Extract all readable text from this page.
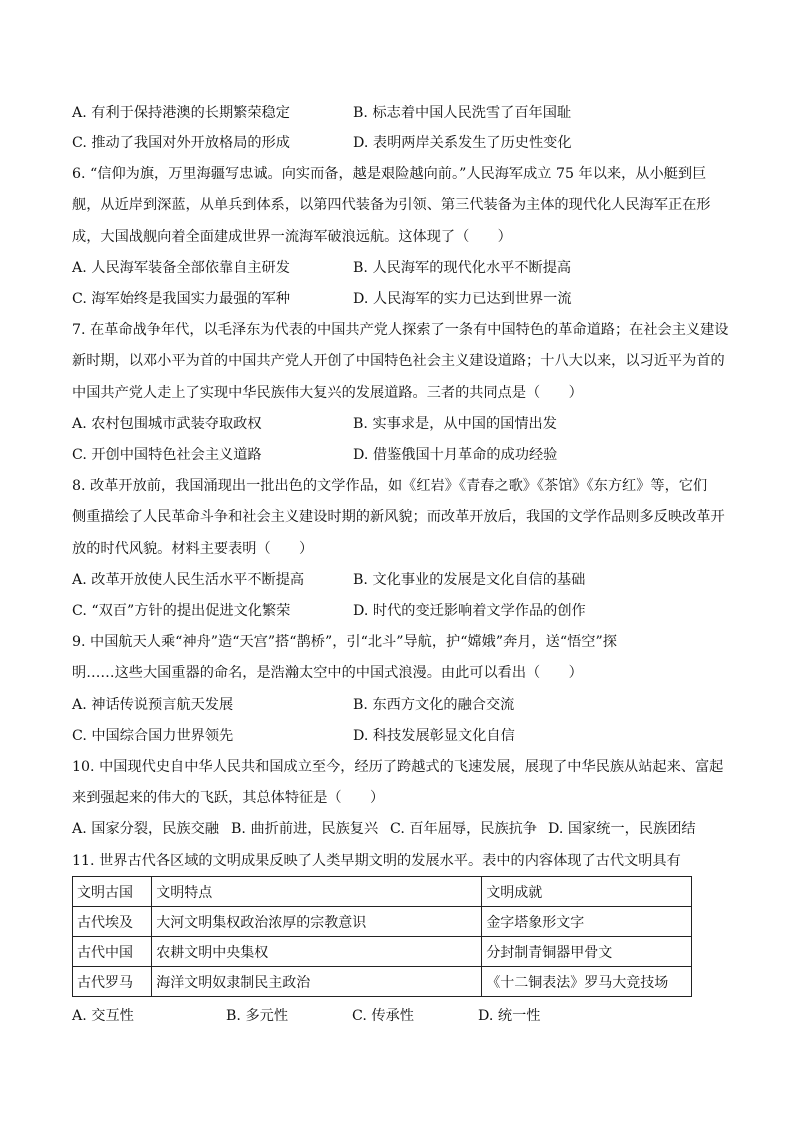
A. 有利于保持港澳的长期繁荣稳定	B. 标志着中国人民洗雪了百年国耻
C. 推动了我国对外开放格局的形成	D. 表明两岸关系发生了历史性变化
6. “信仰为旗，万里海疆写忠诚。向实而备，越是艰险越向前。”人民海军成立 75 年以来，从小艇到巨
舰，从近岸到深蓝，从单兵到体系，以第四代装备为引领、第三代装备为主体的现代化人民海军正在形
成，大国战舰向着全面建成世界一流海军破浪远航。这体现了（　　）
A. 人民海军装备全部依靠自主研发	B. 人民海军的现代化水平不断提高
C. 海军始终是我国实力最强的军种	D. 人民海军的实力已达到世界一流
7. 在革命战争年代，以毛泽东为代表的中国共产党人探索了一条有中国特色的革命道路；在社会主义建设
新时期，以邓小平为首的中国共产党人开创了中国特色社会主义建设道路；十八大以来，以习近平为首的
中国共产党人走上了实现中华民族伟大复兴的发展道路。三者的共同点是（　　）
A. 农村包围城市武装夺取政权	B. 实事求是，从中国的国情出发
C. 开创中国特色社会主义道路	D. 借鉴俄国十月革命的成功经验
8. 改革开放前，我国涌现出一批出色的文学作品，如《红岩》《青春之歌》《茶馆》《东方红》等，它们
侧重描绘了人民革命斗争和社会主义建设时期的新风貌；而改革开放后，我国的文学作品则多反映改革开
放的时代风貌。材料主要表明（　　）
A. 改革开放使人民生活水平不断提高	B. 文化事业的发展是文化自信的基础
C. “双百”方针的提出促进文化繁荣	D. 时代的变迁影响着文学作品的创作
9. 中国航天人乘“神舟”造“天宫”搭“鹊桥”，引“北斗”导航，护“嫦娥”奔月，送“悟空”探
明……这些大国重器的命名，是浩瀚太空中的中国式浪漫。由此可以看出（　　）
A. 神话传说预言航天发展	B. 东西方文化的融合交流
C. 中国综合国力世界领先	D. 科技发展彰显文化自信
10. 中国现代史自中华人民共和国成立至今，经历了跨越式的飞速发展，展现了中华民族从站起来、富起
来到强起来的伟大的飞跃，其总体特征是（　　）
A. 国家分裂，民族交融 B. 曲折前进，民族复兴 C. 百年屈辱，民族抗争 D. 国家统一，民族团结
11. 世界古代各区域的文明成果反映了人类早期文明的发展水平。表中的内容体现了古代文明具有
文明古国	文明特点	文明成就
古代埃及	大河文明集权政治浓厚的宗教意识	金字塔象形文字
古代中国	农耕文明中央集权	分封制青铜器甲骨文
古代罗马	海洋文明奴隶制民主政治	《十二铜表法》罗马大竞技场
A. 交互性	B. 多元性	C. 传承性	D. 统一性
